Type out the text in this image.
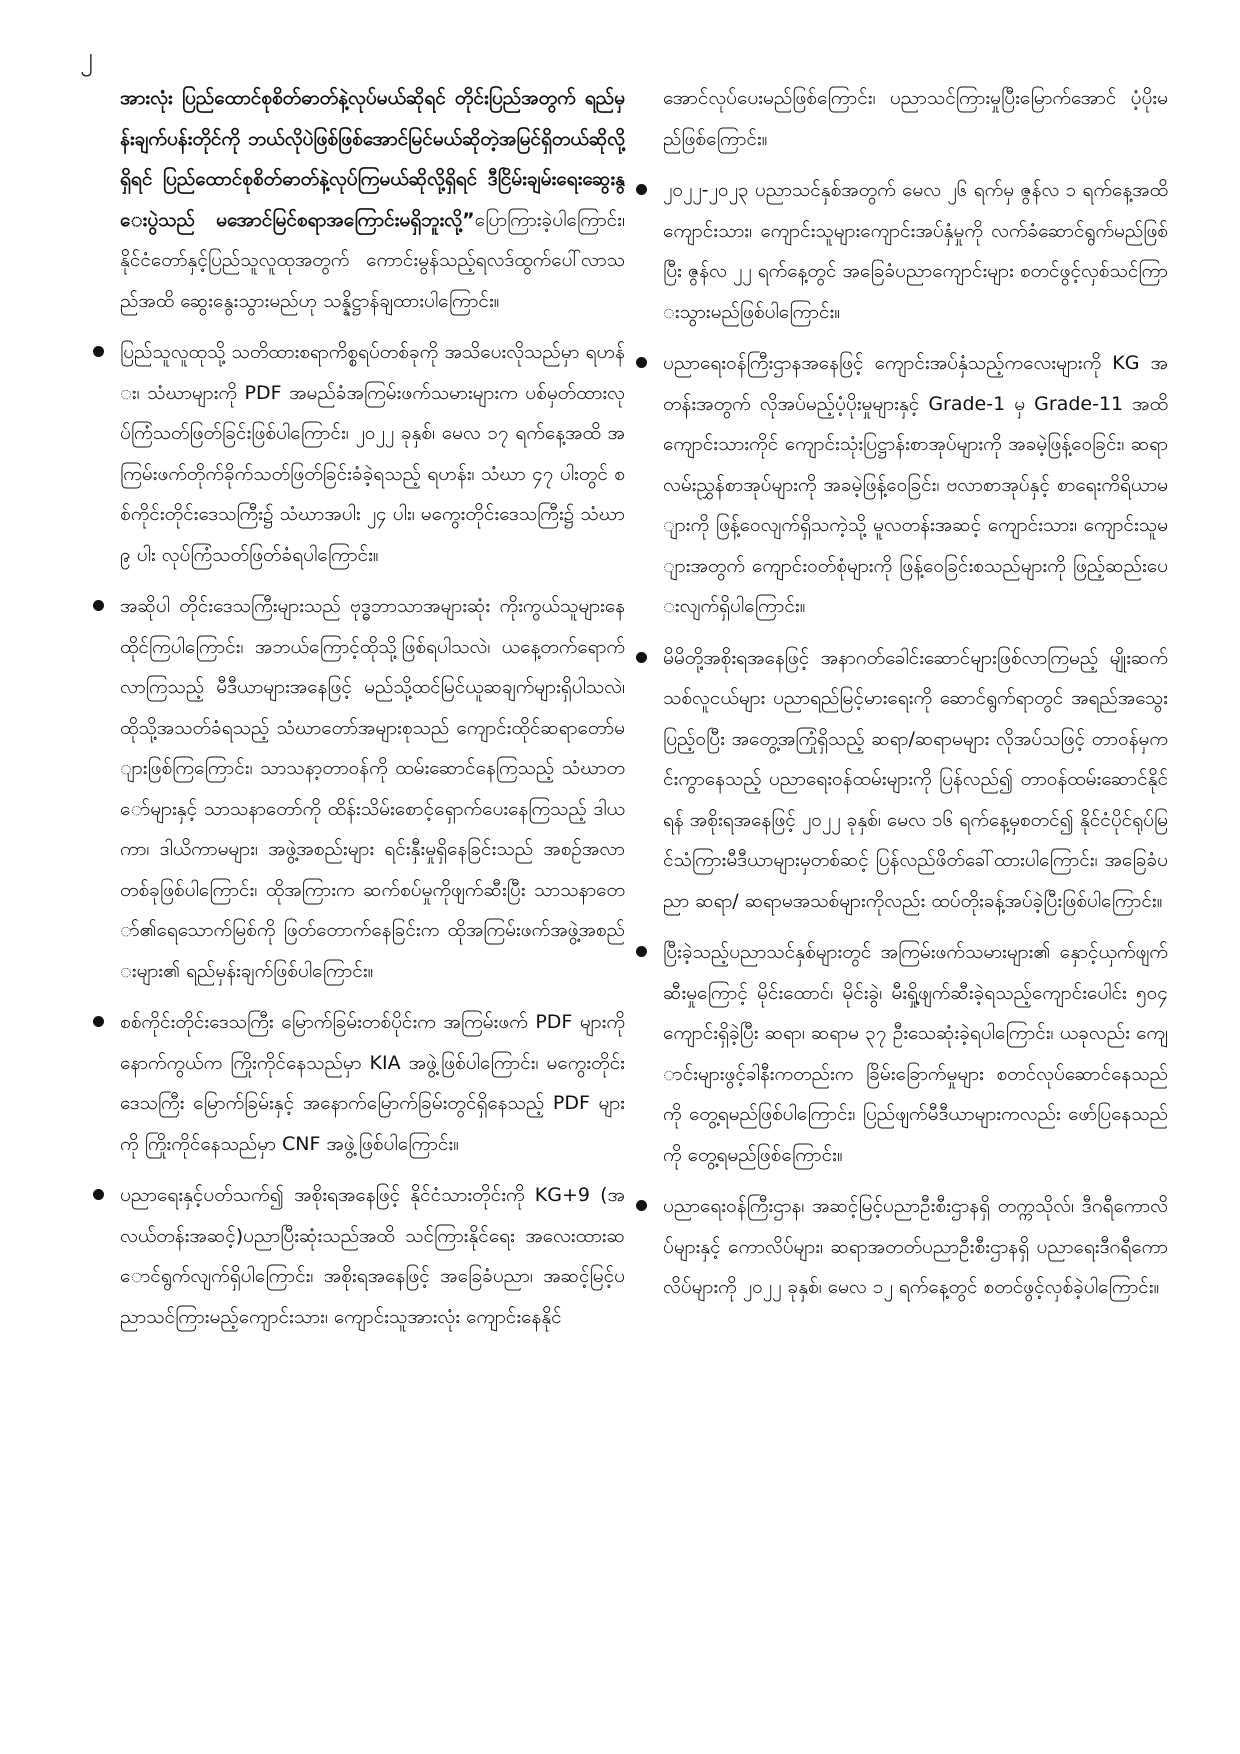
၂

အားလုံး ပြည်ထောင်စုစိတ်ဓာတ်နဲ့လုပ်မယ်ဆိုရင် တိုင်းပြည်အတွက် ရည်မှန်းချက်ပန်းတိုင်ကို ဘယ်လိုပဲဖြစ်ဖြစ်အောင်မြင်မယ်ဆိုတဲ့အမြင်ရှိတယ်ဆိုလို့ရှိရင် ပြည်ထောင်စုစိတ်ဓာတ်နဲ့လုပ်ကြမယ်ဆိုလို့ရှိရင် ဒီငြိမ်းချမ်းရေးဆွေးနွေးပွဲသည် မအောင်မြင်စရာအကြောင်းမရှိဘူးလို့”ပြောကြားခဲ့ပါကြောင်း၊ နိုင်ငံတော်နှင့်ပြည်သူလူထုအတွက် ကောင်းမွန်သည့်ရလဒ်ထွက်ပေါ်လာသည်အထိ ဆွေးနွေးသွားမည်ဟု သန္နိဋ္ဌာန်ချထားပါကြောင်း။

ပြည်သူလူထုသို့ သတိထားစရာကိစ္စရပ်တစ်ခုကို အသိပေးလိုသည်မှာ ရဟန်း၊ သံဃာများကို PDF အမည်ခံအကြမ်းဖက်သမားများက ပစ်မှတ်ထားလုပ်ကြံသတ်ဖြတ်ခြင်းဖြစ်ပါကြောင်း၊ ၂၀၂၂ ခုနှစ်၊ မေလ ၁၇ ရက်နေ့အထိ အကြမ်းဖက်တိုက်ခိုက်သတ်ဖြတ်ခြင်းခံခဲ့ရသည့် ရဟန်း၊ သံဃာ ၄၇ ပါးတွင် စစ်ကိုင်းတိုင်းဒေသကြီး၌ သံဃာအပါး ၂၄ ပါး၊ မကွေးတိုင်းဒေသကြီး၌ သံဃာ ၉ ပါး လုပ်ကြံသတ်ဖြတ်ခံရပါကြောင်း။

အဆိုပါ တိုင်းဒေသကြီးများသည် ဗုဒ္ဓဘာသာအများဆုံး ကိုးကွယ်သူများနေထိုင်ကြပါကြောင်း၊ အဘယ်ကြောင့်ထိုသို့ဖြစ်ရပါသလဲ၊ ယနေ့တက်ရောက်လာကြသည့် မီဒီယာများအနေဖြင့် မည်သို့ထင်မြင်ယူဆချက်များရှိပါသလဲ၊ ထိုသို့အသတ်ခံရသည့် သံဃာတော်အများစုသည် ကျောင်းထိုင်ဆရာတော်များဖြစ်ကြကြောင်း၊ သာသနာ့တာဝန်ကို ထမ်းဆောင်နေကြသည့် သံဃာတော်များနှင့် သာသနာတော်ကို ထိန်းသိမ်းစောင့်ရှောက်ပေးနေကြသည့် ဒါယကာ၊ ဒါယိကာမများ၊ အဖွဲ့အစည်းများ ရင်းနှီးမှုရှိနေခြင်းသည် အစဉ်အလာတစ်ခုဖြစ်ပါကြောင်း၊ ထိုအကြားက ဆက်စပ်မှုကိုဖျက်ဆီးပြီး သာသနာတော်၏ရေသောက်မြစ်ကို ဖြတ်တောက်နေခြင်းက ထိုအကြမ်းဖက်အဖွဲ့အစည်းများ၏ ရည်မှန်းချက်ဖြစ်ပါကြောင်း။

စစ်ကိုင်းတိုင်းဒေသကြီး မြောက်ခြမ်းတစ်ပိုင်းက အကြမ်းဖက် PDF များကို နောက်ကွယ်က ကြိုးကိုင်နေသည်မှာ KIA အဖွဲ့ဖြစ်ပါကြောင်း၊ မကွေးတိုင်းဒေသကြီး မြောက်ခြမ်းနှင့် အနောက်မြောက်ခြမ်းတွင်ရှိနေသည့် PDF များကို ကြိုးကိုင်နေသည်မှာ CNF အဖွဲ့ဖြစ်ပါကြောင်း။

ပညာရေးနှင့်ပတ်သက်၍ အစိုးရအနေဖြင့် နိုင်ငံသားတိုင်းကို KG+9 (အလယ်တန်းအဆင့်)ပညာပြီးဆုံးသည်အထိ သင်ကြားနိုင်ရေး အလေးထားဆောင်ရွက်လျက်ရှိပါကြောင်း၊ အစိုးရအနေဖြင့် အခြေခံပညာ၊ အဆင့်မြင့်ပညာသင်ကြားမည့်ကျောင်းသား၊ ကျောင်းသူအားလုံး ကျောင်းနေနိုင်

အောင်လုပ်ပေးမည်ဖြစ်ကြောင်း၊ ပညာသင်ကြားမှုပြီးမြောက်အောင် ပံ့ပိုးမည်ဖြစ်ကြောင်း။

၂၀၂၂-၂၀၂၃ ပညာသင်နှစ်အတွက် မေလ ၂၆ ရက်မှ ဇွန်လ ၁ ရက်နေ့အထိ ကျောင်းသား၊ ကျောင်းသူများကျောင်းအပ်နှံမှုကို လက်ခံဆောင်ရွက်မည်ဖြစ်ပြီး ဇွန်လ ၂၂ ရက်နေ့တွင် အခြေခံပညာကျောင်းများ စတင်ဖွင့်လှစ်သင်ကြားသွားမည်ဖြစ်ပါကြောင်း။

ပညာရေးဝန်ကြီးဌာနအနေဖြင့် ကျောင်းအပ်နှံသည့်ကလေးများကို KG အတန်းအတွက် လိုအပ်မည့်ပံ့ပိုးမှုများနှင့် Grade-1 မှ Grade-11 အထိ ကျောင်းသားကိုင် ကျောင်းသုံးပြဋ္ဌာန်းစာအုပ်များကို အခမဲ့ဖြန့်ဝေခြင်း၊ ဆရာလမ်းညွှန်စာအုပ်များကို အခမဲ့ဖြန့်ဝေခြင်း၊ ဗလာစာအုပ်နှင့် စာရေးကိရိယာများကို ဖြန့်ဝေလျက်ရှိသကဲ့သို့ မူလတန်းအဆင့် ကျောင်းသား၊ ကျောင်းသူများအတွက် ကျောင်းဝတ်စုံများကို ဖြန့်ဝေခြင်းစသည်များကို ဖြည့်ဆည်းပေးလျက်ရှိပါကြောင်း။

မိမိတို့အစိုးရအနေဖြင့် အနာဂတ်ခေါင်းဆောင်များဖြစ်လာကြမည့် မျိုးဆက်သစ်လူငယ်များ ပညာရည်မြင့်မားရေးကို ဆောင်ရွက်ရာတွင် အရည်အသွေးပြည့်ဝပြီး အတွေ့အကြုံရှိသည့် ဆရာ/ဆရာမများ လိုအပ်သဖြင့် တာဝန်မှကင်းကွာနေသည့် ပညာရေးဝန်ထမ်းများကို ပြန်လည်၍ တာဝန်ထမ်းဆောင်နိုင်ရန် အစိုးရအနေဖြင့် ၂၀၂၂ ခုနှစ်၊ မေလ ၁၆ ရက်နေ့မှစတင်၍ နိုင်ငံပိုင်ရုပ်မြင်သံကြားမီဒီယာများမှတစ်ဆင့် ပြန်လည်ဖိတ်ခေါ်ထားပါကြောင်း၊ အခြေခံပညာ ဆရာ/ ဆရာမအသစ်များကိုလည်း ထပ်တိုးခန့်အပ်ခဲ့ပြီးဖြစ်ပါကြောင်း။

ပြီးခဲ့သည့်ပညာသင်နှစ်များတွင် အကြမ်းဖက်သမားများ၏ နှောင့်ယှက်ဖျက်ဆီးမှုကြောင့် မိုင်းထောင်၊ မိုင်းခွဲ၊ မီးရှို့ဖျက်ဆီးခဲ့ရသည့်ကျောင်းပေါင်း ၅၀၄ ကျောင်းရှိခဲ့ပြီး ဆရာ၊ ဆရာမ ၃၇ ဦးသေဆုံးခဲ့ရပါကြောင်း၊ ယခုလည်း ကျောင်းများဖွင့်ခါနီးကတည်းက ခြိမ်းခြောက်မှုများ စတင်လုပ်ဆောင်နေသည်ကို တွေ့ရမည်ဖြစ်ပါကြောင်း၊ ပြည်ဖျက်မီဒီယာများကလည်း ဖော်ပြနေသည်ကို တွေ့ရမည်ဖြစ်ကြောင်း။

ပညာရေးဝန်ကြီးဌာန၊ အဆင့်မြင့်ပညာဦးစီးဌာနရှိ တက္ကသိုလ်၊ ဒီဂရီကောလိပ်များနှင့် ကောလိပ်များ၊ ဆရာအတတ်ပညာဦးစီးဌာနရှိ ပညာရေးဒီဂရီကောလိပ်များကို ၂၀၂၂ ခုနှစ်၊ မေလ ၁၂ ရက်နေ့တွင် စတင်ဖွင့်လှစ်ခဲ့ပါကြောင်း။
